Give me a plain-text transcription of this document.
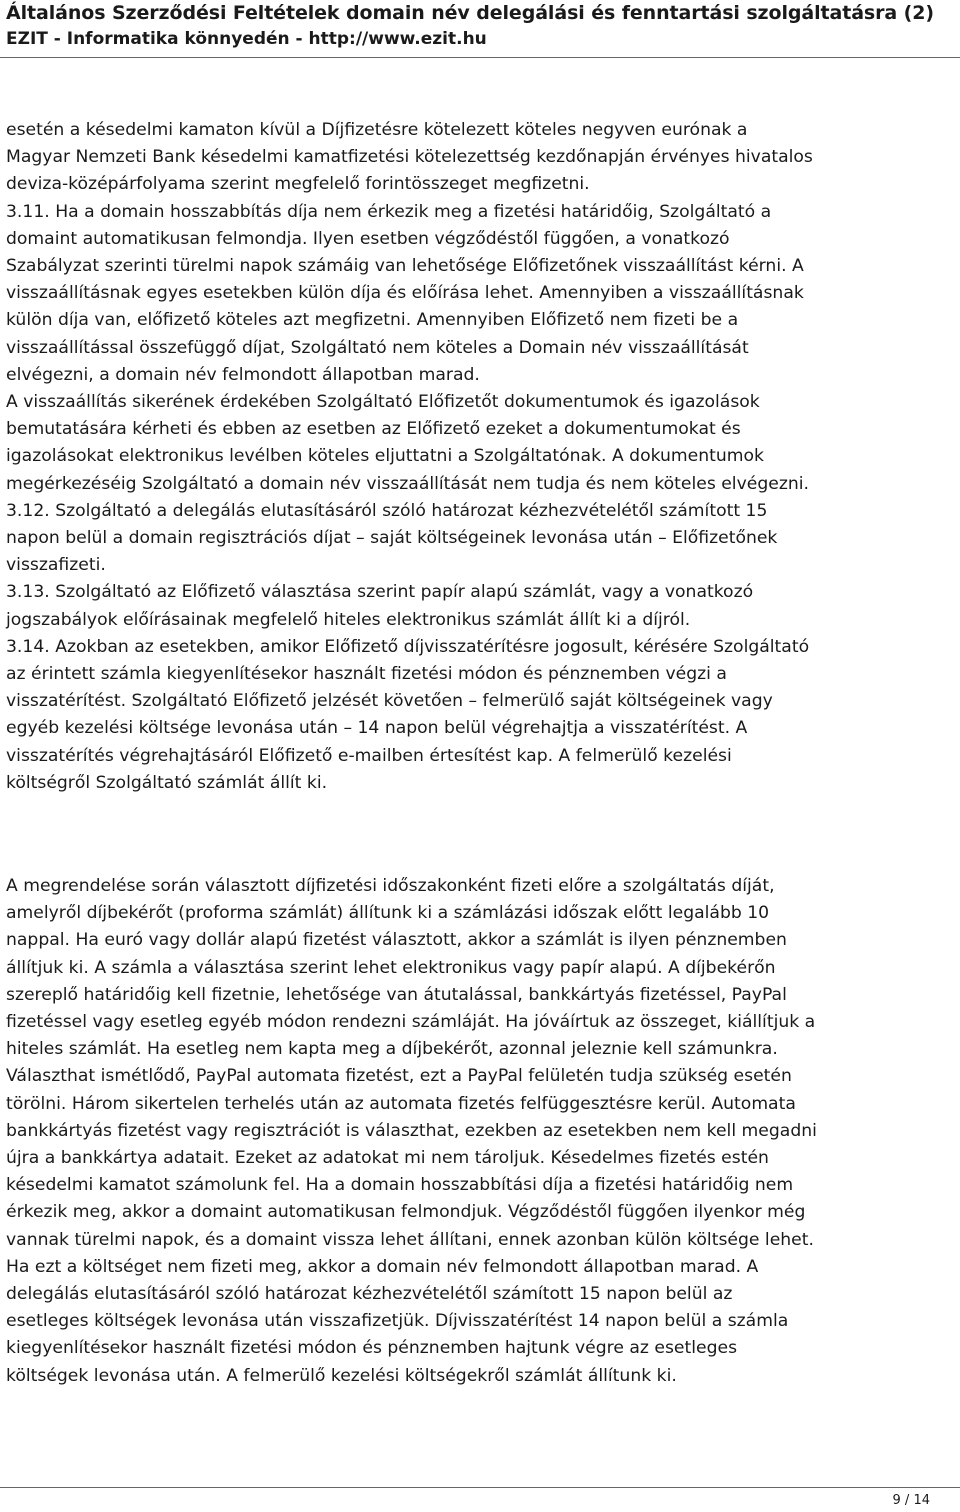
Általános Szerződési Feltételek domain név delegálási és fenntartási szolgáltatásra (2)
EZIT - Informatika könnyedén - http://www.ezit.hu
esetén a késedelmi kamaton kívül a Díjfizetésre kötelezett köteles negyven eurónak a
Magyar Nemzeti Bank késedelmi kamatfizetési kötelezettség kezdőnapján érvényes hivatalos
deviza-középárfolyama szerint megfelelő forintösszeget megfizetni.
3.11. Ha a domain hosszabbítás díja nem érkezik meg a fizetési határidőig, Szolgáltató a
domaint automatikusan felmondja. Ilyen esetben végződéstől függően, a vonatkozó
Szabályzat szerinti türelmi napok számáig van lehetősége Előfizetőnek visszaállítást kérni. A
visszaállításnak egyes esetekben külön díja és előírása lehet. Amennyiben a visszaállításnak
külön díja van, előfizető köteles azt megfizetni. Amennyiben Előfizető nem fizeti be a
visszaállítással összefüggő díjat, Szolgáltató nem köteles a Domain név visszaállítását
elvégezni, a domain név felmondott állapotban marad.
A visszaállítás sikerének érdekében Szolgáltató Előfizetőt dokumentumok és igazolások
bemutatására kérheti és ebben az esetben az Előfizető ezeket a dokumentumokat és
igazolásokat elektronikus levélben köteles eljuttatni a Szolgáltatónak. A dokumentumok
megérkezéséig Szolgáltató a domain név visszaállítását nem tudja és nem köteles elvégezni.
3.12. Szolgáltató a delegálás elutasításáról szóló határozat kézhezvételétől számított 15
napon belül a domain regisztrációs díjat – saját költségeinek levonása után – Előfizetőnek
visszafizeti.
3.13. Szolgáltató az Előfizető választása szerint papír alapú számlát, vagy a vonatkozó
jogszabályok előírásainak megfelelő hiteles elektronikus számlát állít ki a díjról.
3.14. Azokban az esetekben, amikor Előfizető díjvisszatérítésre jogosult, kérésére Szolgáltató
az érintett számla kiegyenlítésekor használt fizetési módon és pénznemben végzi a
visszatérítést. Szolgáltató Előfizető jelzését követően – felmerülő saját költségeinek vagy
egyéb kezelési költsége levonása után – 14 napon belül végrehajtja a visszatérítést. A
visszatérítés végrehajtásáról Előfizető e-mailben értesítést kap. A felmerülő kezelési
költségről Szolgáltató számlát állít ki.
A megrendelése során választott díjfizetési időszakonként fizeti előre a szolgáltatás díját,
amelyről díjbekérőt (proforma számlát) állítunk ki a számlázási időszak előtt legalább 10
nappal. Ha euró vagy dollár alapú fizetést választott, akkor a számlát is ilyen pénznemben
állítjuk ki. A számla a választása szerint lehet elektronikus vagy papír alapú. A díjbekérőn
szereplő határidőig kell fizetnie, lehetősége van átutalással, bankkártyás fizetéssel, PayPal
fizetéssel vagy esetleg egyéb módon rendezni számláját. Ha jóváírtuk az összeget, kiállítjuk a
hiteles számlát. Ha esetleg nem kapta meg a díjbekérőt, azonnal jeleznie kell számunkra.
Választhat ismétlődő, PayPal automata fizetést, ezt a PayPal felületén tudja szükség esetén
törölni. Három sikertelen terhelés után az automata fizetés felfüggesztésre kerül. Automata
bankkártyás fizetést vagy regisztrációt is választhat, ezekben az esetekben nem kell megadni
újra a bankkártya adatait. Ezeket az adatokat mi nem tároljuk. Késedelmes fizetés estén
késedelmi kamatot számolunk fel. Ha a domain hosszabbítási díja a fizetési határidőig nem
érkezik meg, akkor a domaint automatikusan felmondjuk. Végződéstől függően ilyenkor még
vannak türelmi napok, és a domaint vissza lehet állítani, ennek azonban külön költsége lehet.
Ha ezt a költséget nem fizeti meg, akkor a domain név felmondott állapotban marad. A
delegálás elutasításáról szóló határozat kézhezvételétől számított 15 napon belül az
esetleges költségek levonása után visszafizetjük. Díjvisszatérítést 14 napon belül a számla
kiegyenlítésekor használt fizetési módon és pénznemben hajtunk végre az esetleges
költségek levonása után. A felmerülő kezelési költségekről számlát állítunk ki.
9 / 14
